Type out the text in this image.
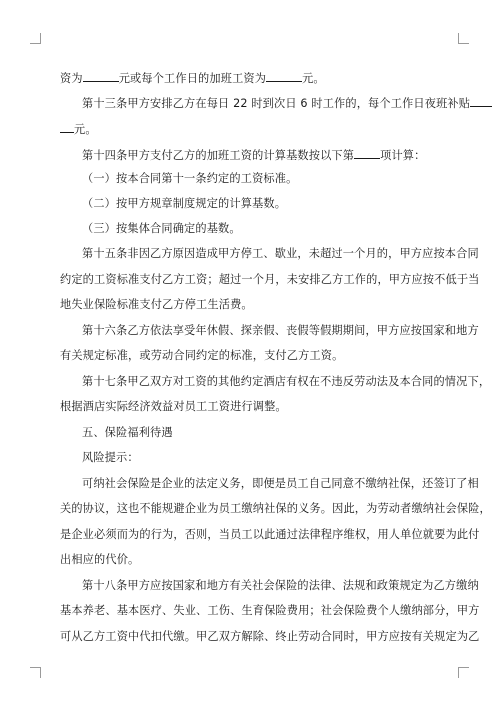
资为	元或每个工作日的加班工资为	元。
第十三条甲方安排乙方在每日 22 时到次日 6 时工作的，每个工作日夜班补贴
元。
第十四条甲方支付乙方的加班工资的计算基数按以下第 项计算：
（一）按本合同第十一条约定的工资标准。
（二）按甲方规章制度规定的计算基数。
（三）按集体合同确定的基数。
第十五条非因乙方原因造成甲方停工、歇业，未超过一个月的，甲方应按本合同
约定的工资标准支付乙方工资；超过一个月，未安排乙方工作的，甲方应按不低于当
地失业保险标准支付乙方停工生活费。
第十六条乙方依法享受年休假、探亲假、丧假等假期期间，甲方应按国家和地方
有关规定标准，或劳动合同约定的标准，支付乙方工资。
第十七条甲乙双方对工资的其他约定酒店有权在不违反劳动法及本合同的情况下，
根据酒店实际经济效益对员工工资进行调整。
五、保险福利待遇
风险提示：
可纳社会保险是企业的法定义务，即便是员工自己同意不缴纳社保，还签订了相
关的协议，这也不能规避企业为员工缴纳社保的义务。因此，为劳动者缴纳社会保险，
是企业必须而为的行为，否则，当员工以此通过法律程序维权，用人单位就要为此付
出相应的代价。
第十八条甲方应按国家和地方有关社会保险的法律、法规和政策规定为乙方缴纳
基本养老、基本医疗、失业、工伤、生育保险费用；社会保险费个人缴纳部分，甲方
可从乙方工资中代扣代缴。甲乙双方解除、终止劳动合同时，甲方应按有关规定为乙
